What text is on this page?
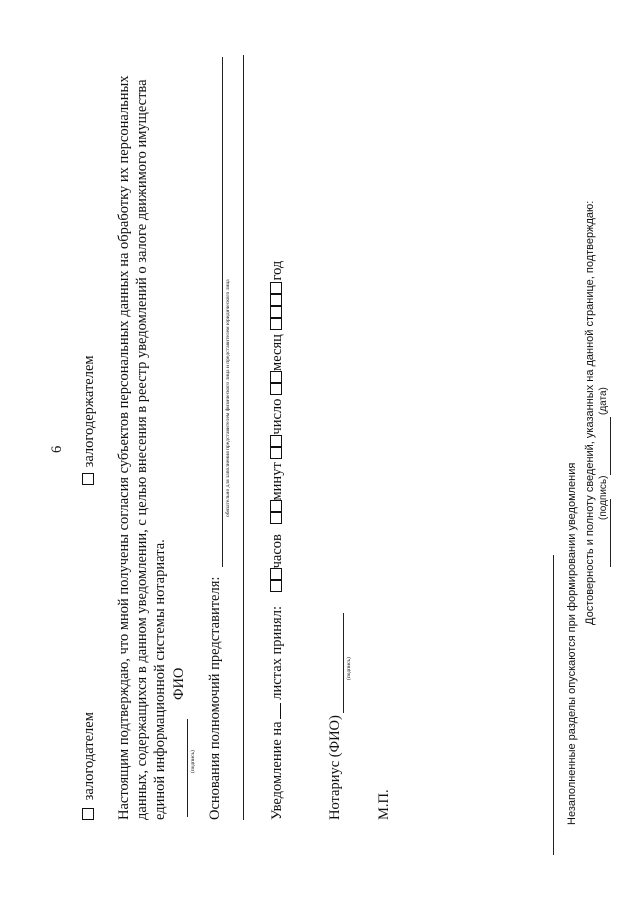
6
залогодателем
залогодержателем Настоящим подтверждаю, что мной получены согласия субъектов персональных данных на обработку их персональных данных, содержащихся в данном уведомлении, с целью внесения в реестр уведомлений о залоге движимого имущества единой информационной системы нотариата.	(подпись)
ФИО Основания полномочий представителя:
обязательно для заполнения представителем физического лица и представителем юридического лица
Уведомление на листах принял: часов минут число месяц год
Нотариус (ФИО)
(подпись)
М.П.	Незаполненные разделы опускаются при формировании уведомления
Достоверность и полноту сведений, указанных на данной странице, подтверждаю: (подпись)
(дата)
